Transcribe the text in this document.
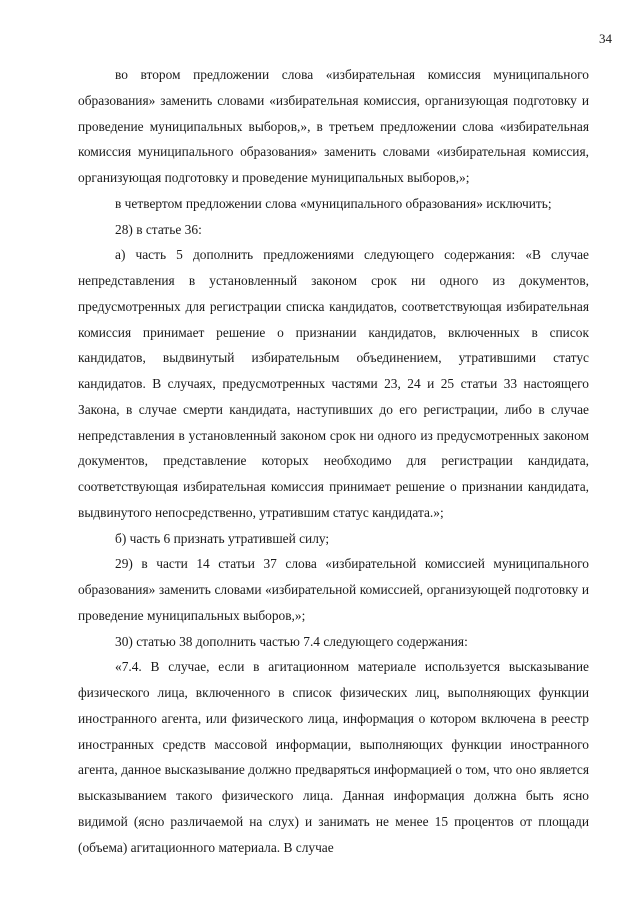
34

во втором предложении слова «избирательная комиссия муниципального образования» заменить словами «избирательная комиссия, организующая подготовку и проведение муниципальных выборов,», в третьем предложении слова «избирательная комиссия муниципального образования» заменить словами «избирательная комиссия, организующая подготовку и проведение муниципальных выборов,»;

в четвертом предложении слова «муниципального образования» исключить;

28) в статье 36:

а) часть 5 дополнить предложениями следующего содержания: «В случае непредставления в установленный законом срок ни одного из документов, предусмотренных для регистрации списка кандидатов, соответствующая избирательная комиссия принимает решение о признании кандидатов, включенных в список кандидатов, выдвинутый избирательным объединением, утратившими статус кандидатов. В случаях, предусмотренных частями 23, 24 и 25 статьи 33 настоящего Закона, в случае смерти кандидата, наступивших до его регистрации, либо в случае непредставления в установленный законом срок ни одного из предусмотренных законом документов, представление которых необходимо для регистрации кандидата, соответствующая избирательная комиссия принимает решение о признании кандидата, выдвинутого непосредственно, утратившим статус кандидата.»;

б) часть 6 признать утратившей силу;

29) в части 14 статьи 37 слова «избирательной комиссией муниципального образования» заменить словами «избирательной комиссией, организующей подготовку и проведение муниципальных выборов,»;

30) статью 38 дополнить частью 7.4 следующего содержания:

«7.4. В случае, если в агитационном материале используется высказывание физического лица, включенного в список физических лиц, выполняющих функции иностранного агента, или физического лица, информация о котором включена в реестр иностранных средств массовой информации, выполняющих функции иностранного агента, данное высказывание должно предваряться информацией о том, что оно является высказыванием такого физического лица. Данная информация должна быть ясно видимой (ясно различаемой на слух) и занимать не менее 15 процентов от площади (объема) агитационного материала. В случае
